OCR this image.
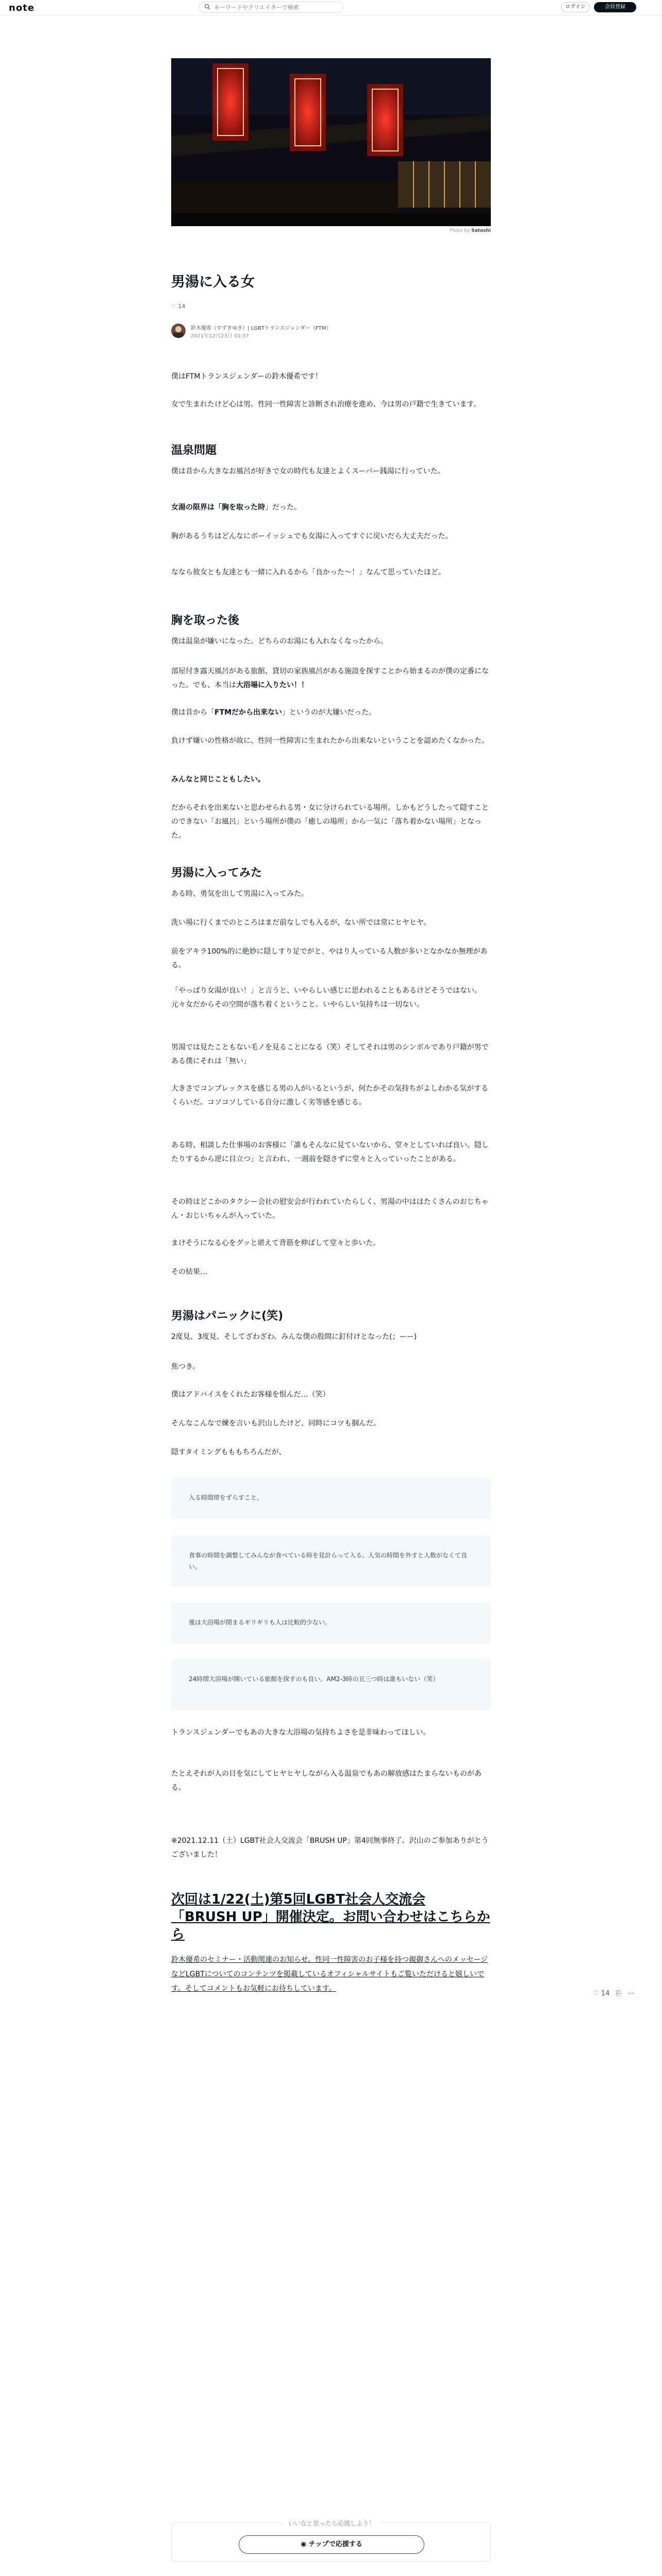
note
キーワードやクリエイターで検索	ログイン	会員登録
Photo by Satoshi
男湯に入る女
♡ 14
鈴木優希（すずきゆき）| LGBTトランスジェンダー（FTM）
2021年12月23日 01:37
僕はFTMトランスジェンダーの鈴木優希です！
女で生まれたけど心は男。性同一性障害と診断され治療を進め、今は男の戸籍で生きています。
温泉問題
僕は昔から大きなお風呂が好きで女の時代も友達とよくスーパー銭湯に行っていた。
女湯の限界は「胸を取った時」だった。
胸があるうちはどんなにボーイッシュでも女湯に入ってすぐに戻いだら大丈夫だった。
ななら彼女とも友達とも一緒に入れるから「良かった〜！」なんて思っていたほど。
胸を取った後
僕は温泉が嫌いになった。どちらのお湯にも入れなくなったから。
部屋付き露天風呂がある旅館、貸切の家族風呂がある施設を探すことから始まるのが僕の定番になった。でも、本当は大浴場に入りたい！！
僕は昔から「FTMだから出来ない」というのが大嫌いだった。
負けず嫌いの性格が故に、性同一性障害に生まれたから出来ないということを認めたくなかった。
みんなと同じこともしたい。
だからそれを出来ないと思わせられる男・女に分けられている場所。しかもどうしたって隠すことのできない「お風呂」という場所が僕の「癒しの場所」から一気に「落ち着かない場所」となった。
男湯に入ってみた
ある時、勇気を出して男湯に入ってみた。
洗い場に行くまでのところはまだ前なしでも入るが、ない所では常にヒヤヒヤ。
前をアキラ100%的に絶妙に隠しすり足でがと、やはり人っている人数が多いとなかなか無理がある。
「やっぱり女湯が良い！」と言うと、いやらしい感じに思われることもあるけどそうではない。元々女だからその空間が落ち着くということ。いやらしい気持ちは一切ない。
男湯では見たこともない毛ノを見ることになる（笑）そしてそれは男のシンボルであり戸籍が男である僕にそれは「無い」
大きさでコンプレックスを感じる男の人がいるというが、何たかその気持ちがよしわかる気がするくらいだ。コソコソしている自分に激しく劣等感を感じる。
ある時、相談した仕事場のお客様に「誰もそんなに見ていないから、堂々としていれば良い。隠したりするから逆に目立つ」と言われ、一週前を隠さずに堂々と入っていったことがある。
その時はどこかのタクシー会社の慰安会が行われていたらしく、男湯の中ははたくさんのおじちゃん・おじいちゃんが入っていた。
まけそうになる心をグッと堪えて背筋を伸ばして堂々と歩いた。
その結果…
男湯はパニックに(笑)
2度見、3度見、そしてざわざわ。みんな僕の股間に釘付けとなった(；ーー)
焦つき。
僕はアドバイスをくれたお客様を恨んだ…（笑）
そんなこんなで練を言いも沢山したけど、同時にコツも掴んだ。
隠すタイミングもももちろんだが、
入る時間帯をずらすこと。
食事の時間を調整してみんなが食べている時を見計らって入る。人気の時間を外すと人数がなくて良い。
後は大浴場が閉まるギリギリも人は比較的少ない。
24時間大浴場が開いている旅館を探すのも良い。AM2-3時の丑三つ時は誰もいない（笑）
トランスジェンダーでもあの大きな大浴場の気持ちよさを是非味わってほしい。
たとえそれが人の目を気にしてヒヤヒヤしながら入る温泉でもあの解放感はたまらないものがある。
※2021.12.11（土）LGBT社会人交流会「BRUSH UP」第4回無事終了。沢山のご参加ありがとうございました！
次回は1/22(土)第5回LGBT社会人交流会「BRUSH UP」開催決定。お問い合わせはこちらから
鈴木優希のセミナー・活動関連のお知らせ。性同一性障害のお子様を持つ親御さんへのメッセージなどLGBTについてのコンテンツを掲載しているオフィシャルサイトもご覧いただけると嬉しいです。そしてコメントもお気軽にお待ちしています。
♡ 14 ⎘ ⋯
いいなと思ったら応援しよう！
◉ チップで応援する
